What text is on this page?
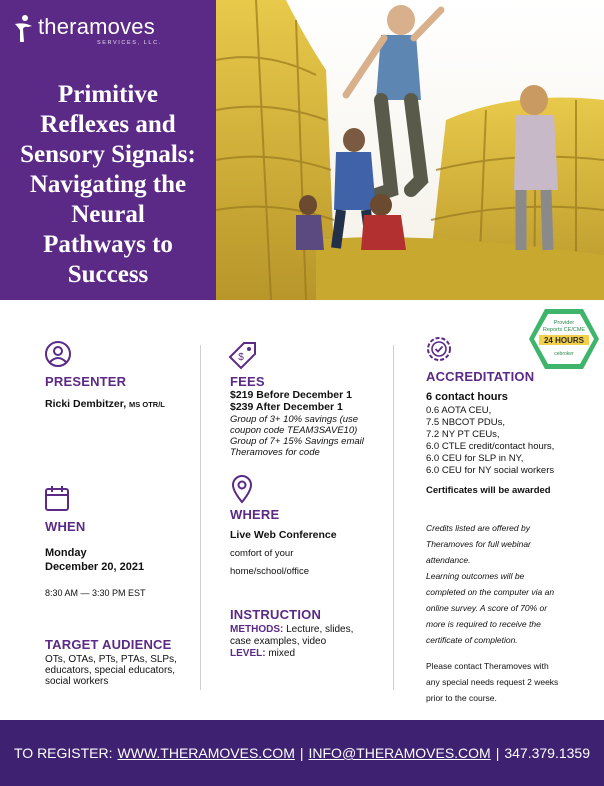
theramoves
SERVICES, LLC.
Primitive
Reflexes and
Sensory Signals:
Navigating the
Neural
Pathways to
Success
Provider
Reports CE/CME
24 HOURS
cebroker
$
PRESENTER
Ricki Dembitzer, MS OTR/L
WHEN
Monday
December 20, 2021
8:30 AM — 3:30 PM EST
TARGET AUDIENCE
OTs, OTAs, PTs, PTAs, SLPs,
educators, special educators,
social workers
FEES
$219 Before December 1
$239 After December 1
Group of 3+ 10% savings (use
coupon code TEAM3SAVE10)
Group of 7+ 15% Savings email
Theramoves for code
WHERE
Live Web Conference
comfort of your
home/school/office
INSTRUCTION
METHODS: Lecture, slides,
case examples, video
LEVEL: mixed
ACCREDITATION
6 contact hours
0.6 AOTA CEU,
7.5 NBCOT PDUs,
7.2 NY PT CEUs,
6.0 CTLE credit/contact hours,
6.0 CEU for SLP in NY,
6.0 CEU for NY social workers
Certificates will be awarded
Credits listed are offered by
Theramoves for full webinar
attendance.
Learning outcomes will be
completed on the computer via an
online survey. A score of 70% or
more is required to receive the
certificate of completion.
Please contact Theramoves with
any special needs request 2 weeks
prior to the course.
TO REGISTER: WWW.THERAMOVES.COM | INFO@THERAMOVES.COM | 347.379.1359
